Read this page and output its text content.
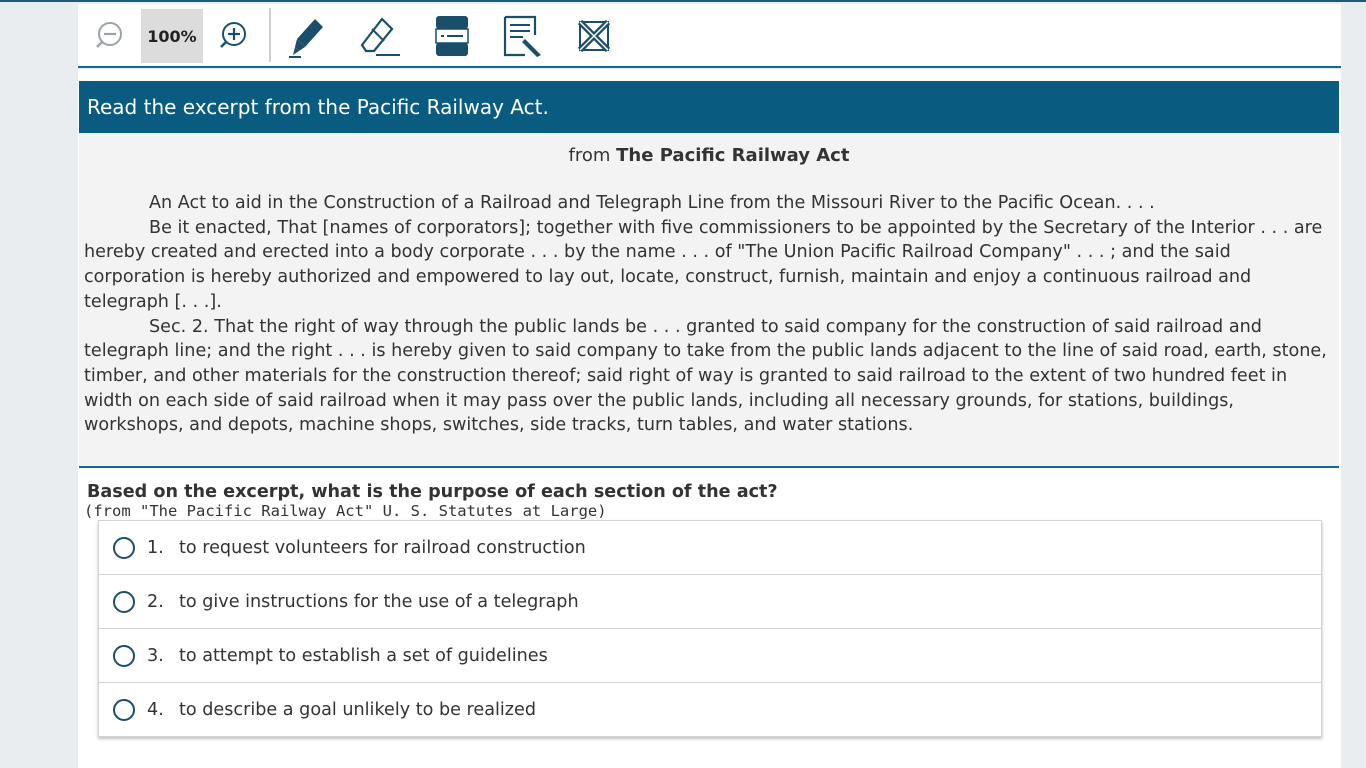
100%
Read the excerpt from the Pacific Railway Act.
from The Pacific Railway Act

An Act to aid in the Construction of a Railroad and Telegraph Line from the Missouri River to the Pacific Ocean. . . .

Be it enacted, That [names of corporators]; together with five commissioners to be appointed by the Secretary of the Interior . . . are hereby created and erected into a body corporate . . . by the name . . . of "The Union Pacific Railroad Company" . . . ; and the said corporation is hereby authorized and empowered to lay out, locate, construct, furnish, maintain and enjoy a continuous railroad and telegraph [. . .].

Sec. 2. That the right of way through the public lands be . . . granted to said company for the construction of said railroad and telegraph line; and the right . . . is hereby given to said company to take from the public lands adjacent to the line of said road, earth, stone, timber, and other materials for the construction thereof; said right of way is granted to said railroad to the extent of two hundred feet in width on each side of said railroad when it may pass over the public lands, including all necessary grounds, for stations, buildings, workshops, and depots, machine shops, switches, side tracks, turn tables, and water stations.

(from "The Pacific Railway Act" U. S. Statutes at Large)
Based on the excerpt, what is the purpose of each section of the act?
1. to request volunteers for railroad construction
2. to give instructions for the use of a telegraph
3. to attempt to establish a set of guidelines
4. to describe a goal unlikely to be realized
